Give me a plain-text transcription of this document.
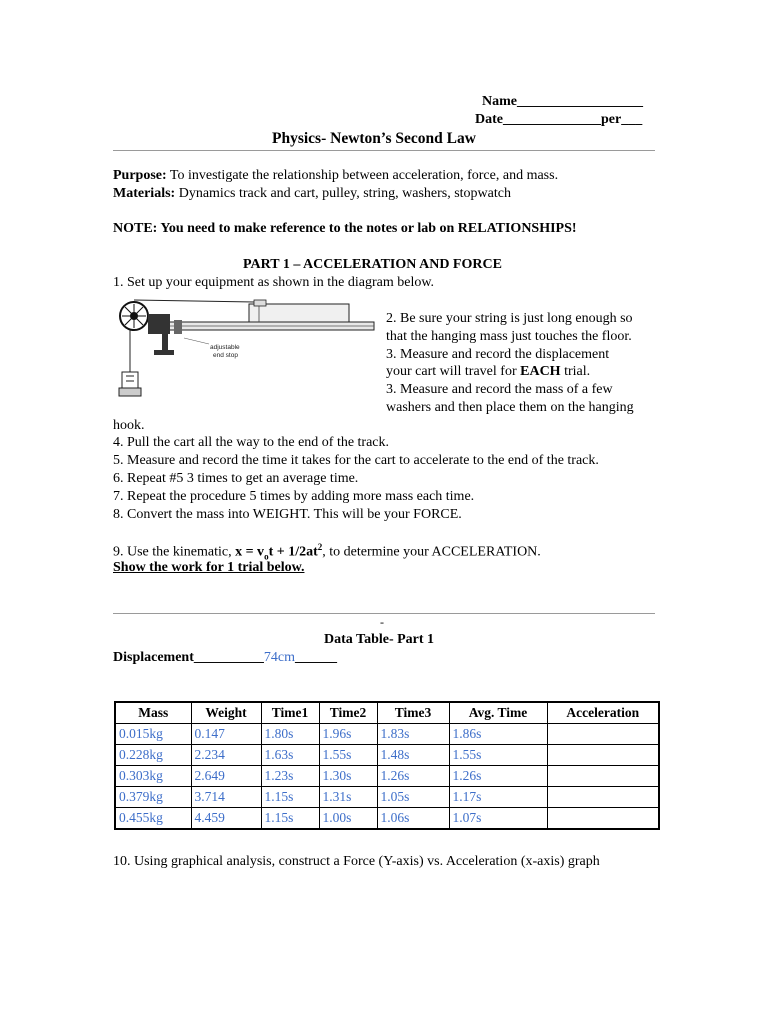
Name__________________
Date______________per___
Physics- Newton’s Second Law
Purpose: To investigate the relationship between acceleration, force, and mass.
Materials: Dynamics track and cart, pulley, string, washers, stopwatch
NOTE: You need to make reference to the notes or lab on RELATIONSHIPS!
PART 1 – ACCELERATION AND FORCE
1. Set up your equipment as shown in the diagram below.
adjustable
end stop
2. Be sure your string is just long enough so
that the hanging mass just touches the floor.
3. Measure and record the displacement
your cart will travel for EACH trial.
3. Measure and record the mass of a few
washers and then place them on the hanging
hook.
4. Pull the cart all the way to the end of the track.
5. Measure and record the time it takes for the cart to accelerate to the end of the track.
6. Repeat #5 3 times to get an average time.
7. Repeat the procedure 5 times by adding more mass each time.
8. Convert the mass into WEIGHT. This will be your FORCE.
9. Use the kinematic, $x = v_ot + 1/2at^2$, to determine your ACCELERATION.
Show the work for 1 trial below.
-
Data Table- Part 1
Displacement__________74cm______
Mass	Weight	Time1	Time2	Time3	Avg. Time	Acceleration
0.015kg	0.147	1.80s	1.96s	1.83s	1.86s	
0.228kg	2.234	1.63s	1.55s	1.48s	1.55s	
0.303kg	2.649	1.23s	1.30s	1.26s	1.26s	
0.379kg	3.714	1.15s	1.31s	1.05s	1.17s	
0.455kg	4.459	1.15s	1.00s	1.06s	1.07s	
10. Using graphical analysis, construct a Force (Y-axis) vs. Acceleration (x-axis) graph
